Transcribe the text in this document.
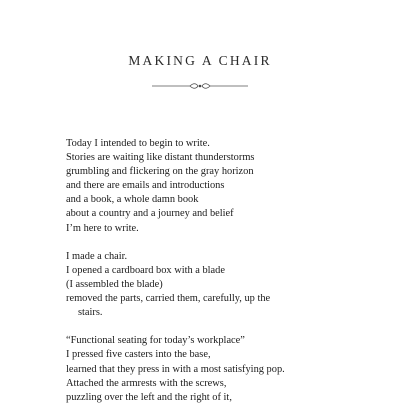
MAKING A CHAIR
Today I intended to begin to write.
Stories are waiting like distant thunderstorms
grumbling and flickering on the gray horizon
and there are emails and introductions
and a book, a whole damn book
about a country and a journey and belief
I’m here to write.
I made a chair.
I opened a cardboard box with a blade
(I assembled the blade)
removed the parts, carried them, carefully, up the
stairs.
“Functional seating for today’s workplace”
I pressed five casters into the base,
learned that they press in with a most satisfying pop.
Attached the armrests with the screws,
puzzling over the left and the right of it,
